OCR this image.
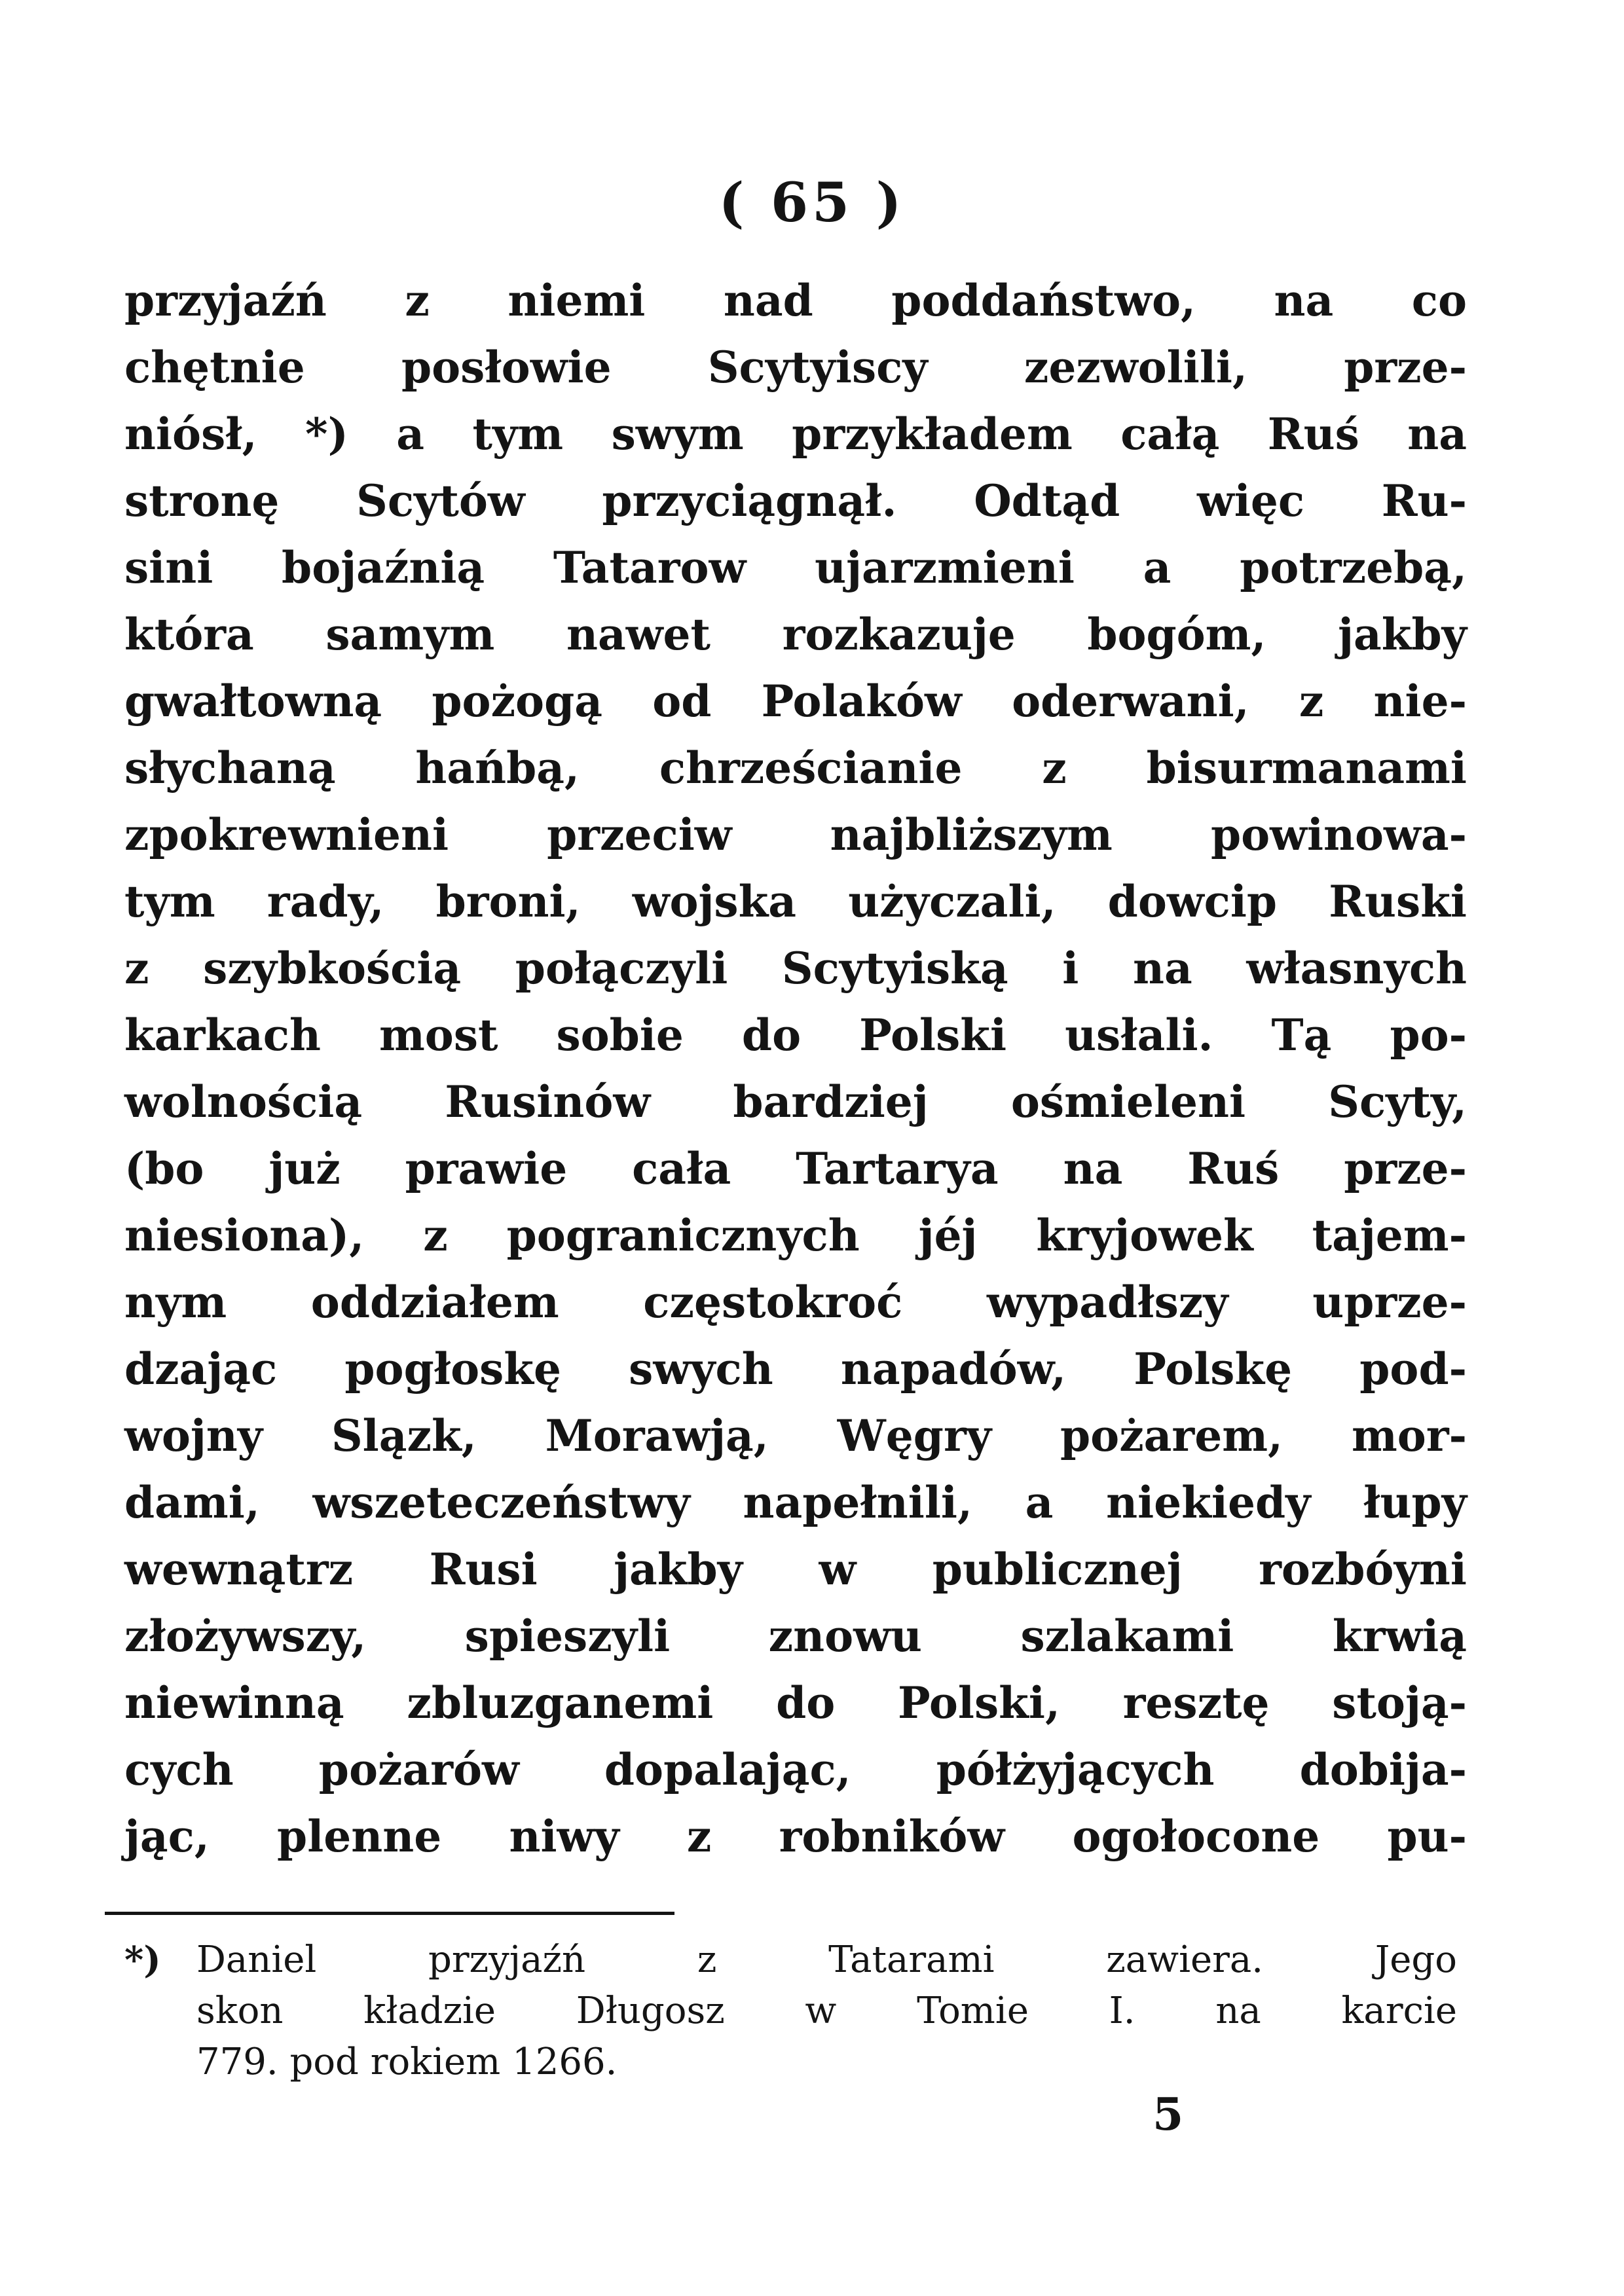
( 65 )
przyjaźń z niemi nad poddaństwo, na co
chętnie posłowie Scytyiscy zezwolili, prze-
niósł, *) a tym swym przykładem całą Ruś na
stronę Scytów przyciągnął. Odtąd więc Ru-
sini bojaźnią Tatarow ujarzmieni a potrzebą,
która samym nawet rozkazuje bogóm, jakby
gwałtowną pożogą od Polaków oderwani, z nie-
słychaną hańbą, chrześcianie z bisurmanami
zpokrewnieni przeciw najbliższym powinowa-
tym rady, broni, wojska użyczali, dowcip Ruski
z szybkością połączyli Scytyiską i na własnych
karkach most sobie do Polski usłali. Tą po-
wolnością Rusinów bardziej ośmieleni Scyty,
(bo już prawie cała Tartarya na Ruś prze-
niesiona), z pogranicznych jéj kryjowek tajem-
nym oddziałem częstokroć wypadłszy uprze-
dzając pogłoskę swych napadów, Polskę pod-
wojny Slązk, Morawją, Węgry pożarem, mor-
dami, wszeteczeństwy napełnili, a niekiedy łupy
wewnątrz Rusi jakby w publicznej rozbóyni
złożywszy, spieszyli znowu szlakami krwią
niewinną zbluzganemi do Polski, resztę stoją-
cych pożarów dopalając, półżyjących dobija-
jąc, plenne niwy z robników ogołocone pu-
*) Daniel przyjaźń z Tatarami zawiera. Jego
skon kładzie Długosz w Tomie I. na karcie
779. pod rokiem 1266.
5
